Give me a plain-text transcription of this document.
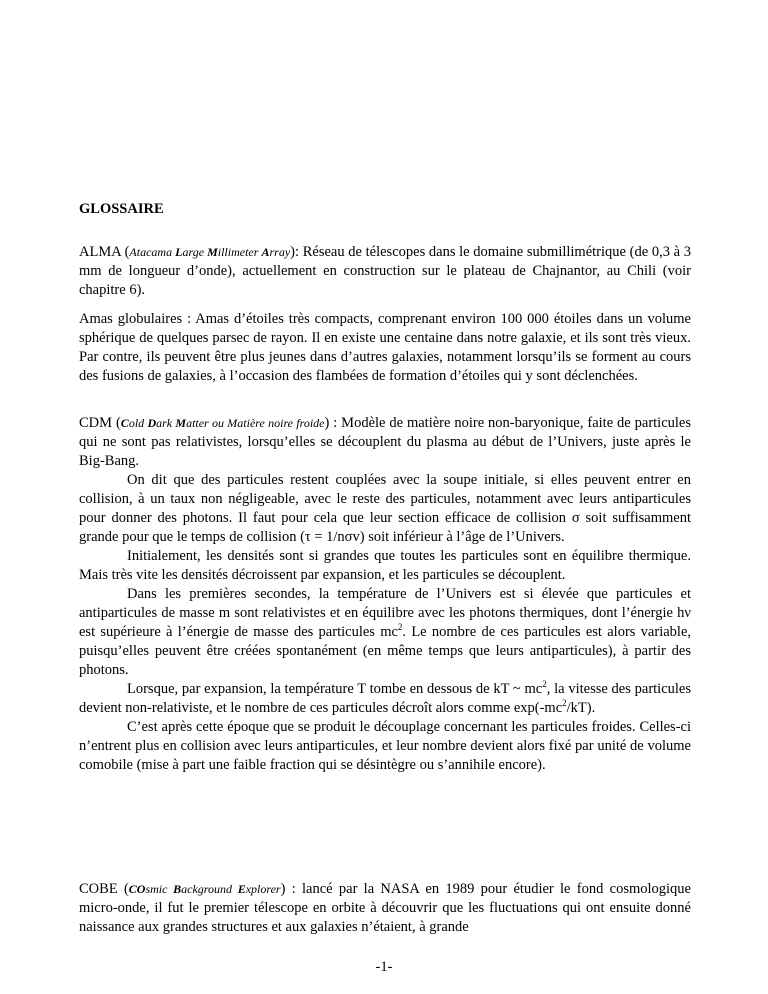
GLOSSAIRE

ALMA (Atacama Large Millimeter Array): Réseau de télescopes dans le domaine submillimétrique (de 0,3 à 3 mm de longueur d’onde), actuellement en construction sur le plateau de Chajnantor, au Chili (voir chapitre 6).

Amas globulaires : Amas d’étoiles très compacts, comprenant environ 100 000 étoiles dans un volume sphérique de quelques parsec de rayon. Il en existe une centaine dans notre galaxie, et ils sont très vieux. Par contre, ils peuvent être plus jeunes dans d’autres galaxies, notamment lorsqu’ils se forment au cours des fusions de galaxies, à l’occasion des flambées de formation d’étoiles qui y sont déclenchées.

CDM (Cold Dark Matter ou Matière noire froide) : Modèle de matière noire non-baryonique, faite de particules qui ne sont pas relativistes, lorsqu’elles se découplent du plasma au début de l’Univers, juste après le Big-Bang.

On dit que des particules restent couplées avec la soupe initiale, si elles peuvent entrer en collision, à un taux non négligeable, avec le reste des particules, notamment avec leurs antiparticules pour donner des photons. Il faut pour cela que leur section efficace de collision σ soit suffisamment grande pour que le temps de collision (τ = 1/nσv) soit inférieur à l’âge de l’Univers.

Initialement, les densités sont si grandes que toutes les particules sont en équilibre thermique. Mais très vite les densités décroissent par expansion, et les particules se découplent.

Dans les premières secondes, la température de l’Univers est si élevée que particules et antiparticules de masse m sont relativistes et en équilibre avec les photons thermiques, dont l’énergie hν est supérieure à l’énergie de masse des particules $mc^2$. Le nombre de ces particules est alors variable, puisqu’elles peuvent être créées spontanément (en même temps que leurs antiparticules), à partir des photons.

Lorsque, par expansion, la température T tombe en dessous de kT ~ $mc^2$, la vitesse des particules devient non-relativiste, et le nombre de ces particules décroît alors comme $\exp(-mc^2/kT)$.

C’est après cette époque que se produit le découplage concernant les particules froides. Celles-ci n’entrent plus en collision avec leurs antiparticules, et leur nombre devient alors fixé par unité de volume comobile (mise à part une faible fraction qui se désintègre ou s’annihile encore).

COBE (COsmic Background Explorer) : lancé par la NASA en 1989 pour étudier le fond cosmologique micro-onde, il fut le premier télescope en orbite à découvrir que les fluctuations qui ont ensuite donné naissance aux grandes structures et aux galaxies n’étaient, à grande

-1-
